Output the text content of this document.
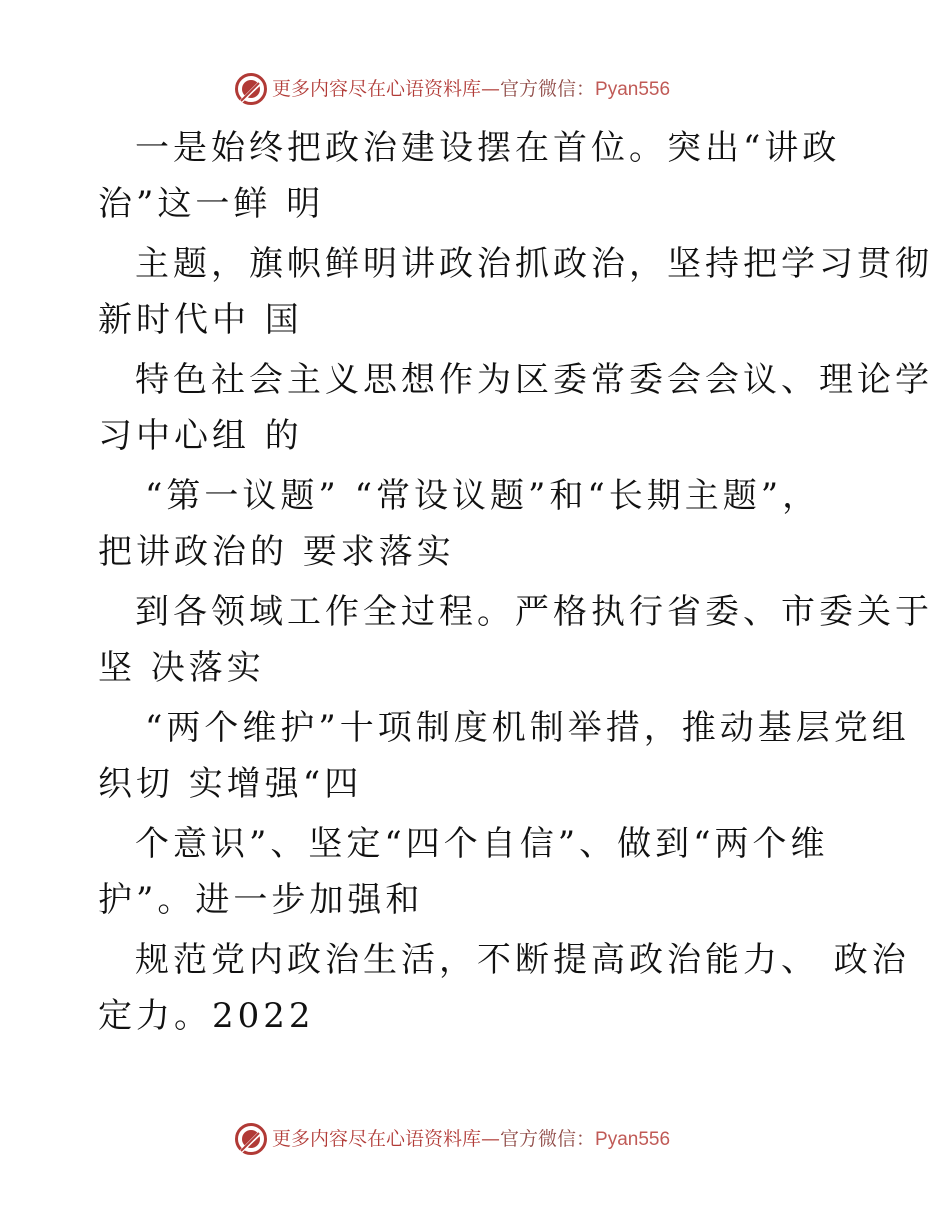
更多内容尽在心语资料库—官方微信：Pyan556
一是始终把政治建设摆在首位。突出“讲政
治”这一鲜 明
主题，旗帜鲜明讲政治抓政治，坚持把学习贯彻
新时代中 国
特色社会主义思想作为区委常委会会议、理论学
习中心组 的
“第一议题” “常设议题”和“长期主题”，
把讲政治的 要求落实
到各领域工作全过程。严格执行省委、市委关于
坚 决落实
“两个维护”十项制度机制举措，推动基层党组
织切 实增强“四
个意识”、坚定“四个自信”、做到“两个维
护”。进一步加强和
规范党内政治生活，不断提高政治能力、 政治
定力。2022
更多内容尽在心语资料库—官方微信：Pyan556
